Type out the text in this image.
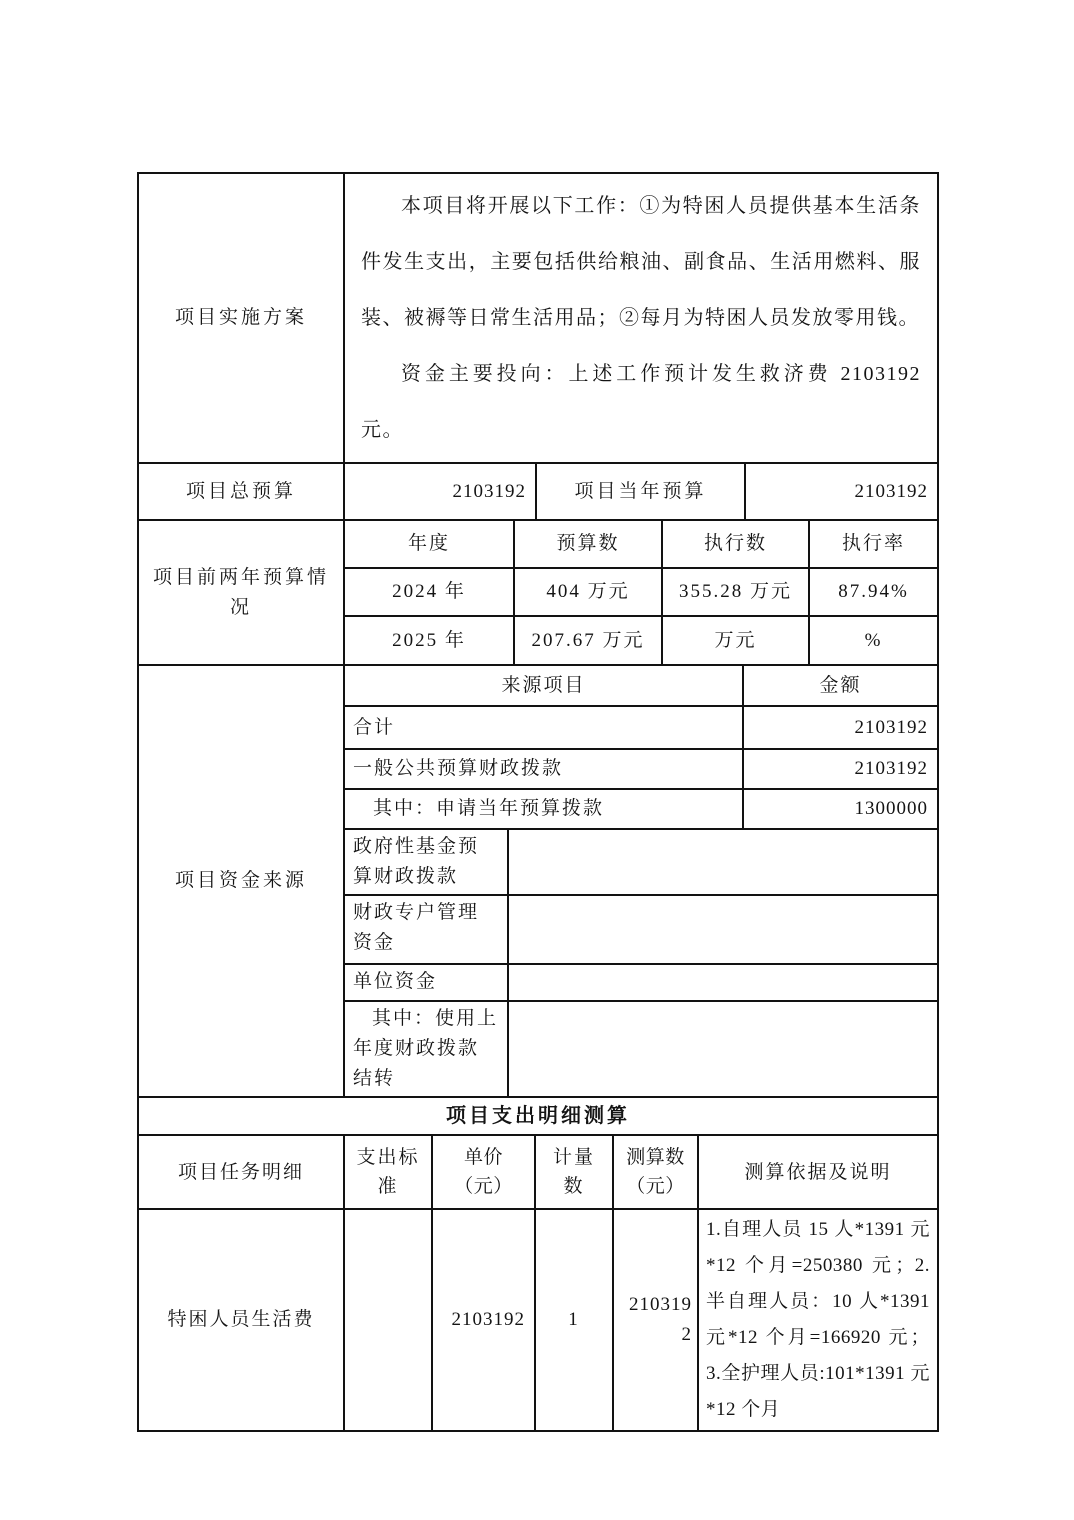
项目实施方案	

本项目将开展以下工作：①为特困人员提供基本生活条件发生支出，主要包括供给粮油、副食品、生活用燃料、服装、被褥等日常生活用品；②每月为特困人员发放零用钱。

资金主要投向：上述工作预计发生救济费 2103192 元。

项目总预算	2103192	项目当年预算	2103192
项目前两年预算情况	年度	预算数	执行数	执行率
	2024 年	404 万元	355.28 万元	87.94%
	2025 年	207.67 万元	万元	%
项目资金来源	来源项目		金额
	合计		2103192
	一般公共预算财政拨款		2103192
	其中：申请当年预算拨款		1300000
	政府性基金预算财政拨款		
	财政专户管理资金		
	单位资金		
	其中：使用上年度财政拨款结转		
项目支出明细测算
项目任务明细	支出标准	单价（元）	计量数	测算数（元）	测算依据及说明
特困人员生活费		2103192	1	2103192	1.自理人员 15 人*1391 元*12 个月=250380 元；2.半自理人员：10 人*1391 元*12 个月=166920 元；3.全护理人员:101*1391 元*12 个月
